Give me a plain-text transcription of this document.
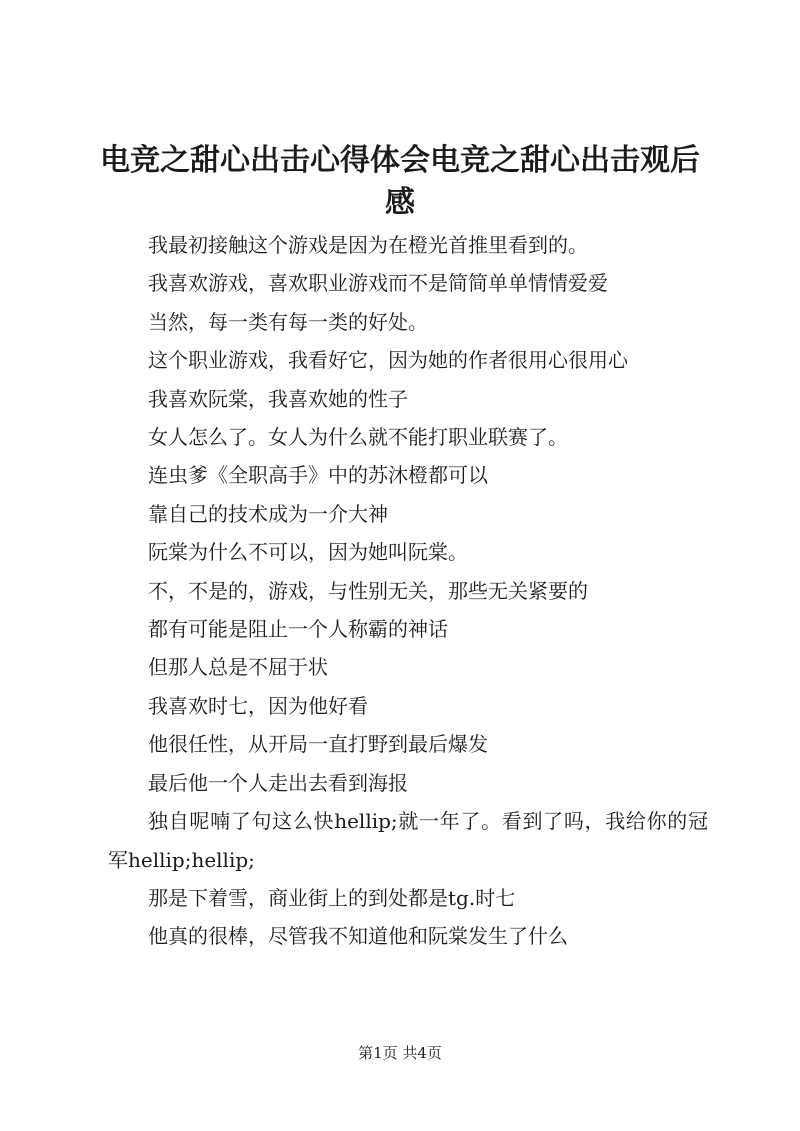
电竞之甜心出击心得体会电竞之甜心出击观后感

我最初接触这个游戏是因为在橙光首推里看到的。

我喜欢游戏，喜欢职业游戏而不是简简单单情情爱爱

当然，每一类有每一类的好处。

这个职业游戏，我看好它，因为她的作者很用心很用心

我喜欢阮棠，我喜欢她的性子

女人怎么了。女人为什么就不能打职业联赛了。

连虫爹《全职高手》中的苏沐橙都可以

靠自己的技术成为一介大神

阮棠为什么不可以，因为她叫阮棠。

不，不是的，游戏，与性别无关，那些无关紧要的

都有可能是阻止一个人称霸的神话

但那人总是不屈于状

我喜欢时七，因为他好看

他很任性，从开局一直打野到最后爆发

最后他一个人走出去看到海报

独自呢喃了句这么快hellip;就一年了。看到了吗，我给你的冠军hellip;hellip;

那是下着雪，商业街上的到处都是tg.时七

他真的很棒，尽管我不知道他和阮棠发生了什么

第1页 共4页
